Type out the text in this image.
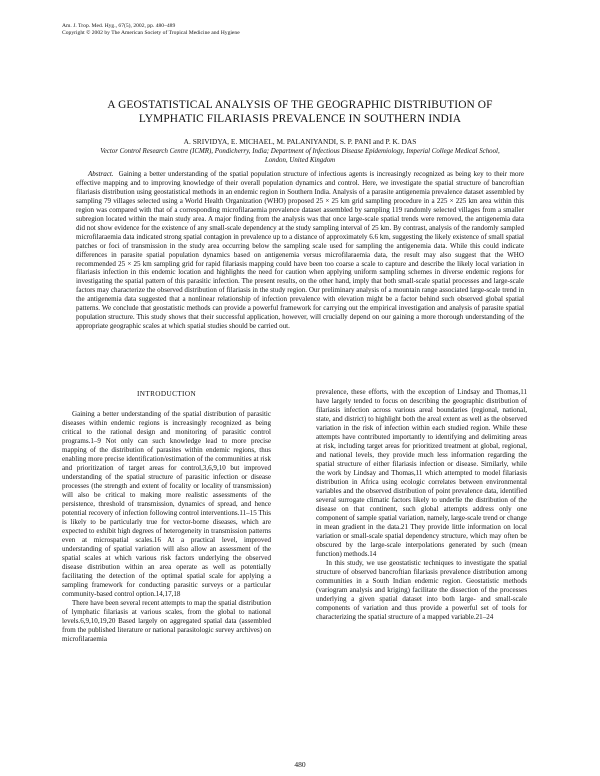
Am. J. Trop. Med. Hyg., 67(5), 2002, pp. 480–489
Copyright © 2002 by The American Society of Tropical Medicine and Hygiene
A GEOSTATISTICAL ANALYSIS OF THE GEOGRAPHIC DISTRIBUTION OF
LYMPHATIC FILARIASIS PREVALENCE IN SOUTHERN INDIA
A. SRIVIDYA, E. MICHAEL, M. PALANIYANDI, S. P. PANI and P. K. DAS
Vector Control Research Centre (ICMR), Pondicherry, India; Department of Infectious Disease Epidemiology, Imperial College Medical School, London, United Kingdom

Abstract. Gaining a better understanding of the spatial population structure of infectious agents is increasingly recognized as being key to their more effective mapping and to improving knowledge of their overall population dynamics and control. Here, we investigate the spatial structure of bancroftian filariasis distribution using geostatistical methods in an endemic region in Southern India. Analysis of a parasite antigenemia prevalence dataset assembled by sampling 79 villages selected using a World Health Organization (WHO) proposed 25 × 25 km grid sampling procedure in a 225 × 225 km area within this region was compared with that of a corresponding microfilaraemia prevalence dataset assembled by sampling 119 randomly selected villages from a smaller subregion located within the main study area. A major finding from the analysis was that once large-scale spatial trends were removed, the antigenemia data did not show evidence for the existence of any small-scale dependency at the study sampling interval of 25 km. By contrast, analysis of the randomly sampled microfilaraemia data indicated strong spatial contagion in prevalence up to a distance of approximately 6.6 km, suggesting the likely existence of small spatial patches or foci of transmission in the study area occurring below the sampling scale used for sampling the antigenemia data. While this could indicate differences in parasite spatial population dynamics based on antigenemia versus microfilaraemia data, the result may also suggest that the WHO recommended 25 × 25 km sampling grid for rapid filariasis mapping could have been too coarse a scale to capture and describe the likely local variation in filariasis infection in this endemic location and highlights the need for caution when applying uniform sampling schemes in diverse endemic regions for investigating the spatial pattern of this parasitic infection. The present results, on the other hand, imply that both small-scale spatial processes and large-scale factors may characterize the observed distribution of filariasis in the study region. Our preliminary analysis of a mountain range associated large-scale trend in the antigenemia data suggested that a nonlinear relationship of infection prevalence with elevation might be a factor behind such observed global spatial patterns. We conclude that geostatistic methods can provide a powerful framework for carrying out the empirical investigation and analysis of parasite spatial population structure. This study shows that their successful application, however, will crucially depend on our gaining a more thorough understanding of the appropriate geographic scales at which spatial studies should be carried out.

INTRODUCTION

Gaining a better understanding of the spatial distribution of parasitic diseases within endemic regions is increasingly recognized as being critical to the rational design and monitoring of parasitic control programs.1–9 Not only can such knowledge lead to more precise mapping of the distribution of parasites within endemic regions, thus enabling more precise identification/estimation of the communities at risk and prioritization of target areas for control,3,6,9,10 but improved understanding of the spatial structure of parasitic infection or disease processes (the strength and extent of focality or locality of transmission) will also be critical to making more realistic assessments of the persistence, threshold of transmission, dynamics of spread, and hence potential recovery of infection following control interventions.11–15 This is likely to be particularly true for vector-borne diseases, which are expected to exhibit high degrees of heterogeneity in transmission patterns even at microspatial scales.16 At a practical level, improved understanding of spatial variation will also allow an assessment of the spatial scales at which various risk factors underlying the observed disease distribution within an area operate as well as potentially facilitating the detection of the optimal spatial scale for applying a sampling framework for conducting parasitic surveys or a particular community-based control option.14,17,18

There have been several recent attempts to map the spatial distribution of lymphatic filariasis at various scales, from the global to national levels.6,9,10,19,20 Based largely on aggregated spatial data (assembled from the published literature or national parasitologic survey archives) on microfilaraemia

prevalence, these efforts, with the exception of Lindsay and Thomas,11 have largely tended to focus on describing the geographic distribution of filariasis infection across various areal boundaries (regional, national, state, and district) to highlight both the areal extent as well as the observed variation in the risk of infection within each studied region. While these attempts have contributed importantly to identifying and delimiting areas at risk, including target areas for prioritized treatment at global, regional, and national levels, they provide much less information regarding the spatial structure of either filariasis infection or disease. Similarly, while the work by Lindsay and Thomas,11 which attempted to model filariasis distribution in Africa using ecologic correlates between environmental variables and the observed distribution of point prevalence data, identified several surrogate climatic factors likely to underlie the distribution of the disease on that continent, such global attempts address only one component of sample spatial variation, namely, large-scale trend or change in mean gradient in the data.21 They provide little information on local variation or small-scale spatial dependency structure, which may often be obscured by the large-scale interpolations generated by such (mean function) methods.14

In this study, we use geostatistic techniques to investigate the spatial structure of observed bancroftian filariasis prevalence distribution among communities in a South Indian endemic region. Geostatistic methods (variogram analysis and kriging) facilitate the dissection of the processes underlying a given spatial dataset into both large- and small-scale components of variation and thus provide a powerful set of tools for characterizing the spatial structure of a mapped variable.21–24

480
